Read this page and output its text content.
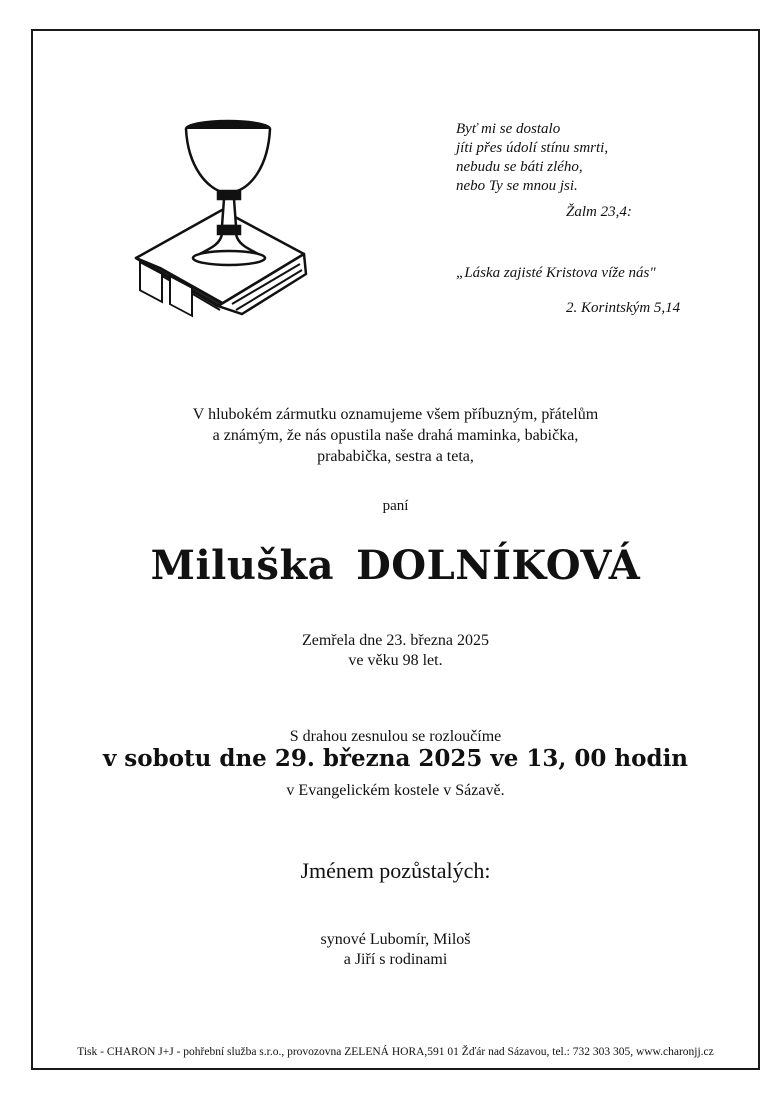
Byť mi se dostalo
jíti přes údolí stínu smrti,
nebudu se báti zlého,
nebo Ty se mnou jsi.
Žalm 23,4:
„Láska zajisté Kristova víže nás"
2. Korintským 5,14
V hlubokém zármutku oznamujeme všem příbuzným, přátelům
a známým, že nás opustila naše drahá maminka, babička,
prababička, sestra a teta,
paní
Miluška DOLNÍKOVÁ
Zemřela dne 23. března 2025
ve věku 98 let.
S drahou zesnulou se rozloučíme
v sobotu dne 29. března 2025 ve 13, 00 hodin
v Evangelickém kostele v Sázavě.
Jménem pozůstalých:
synové Lubomír, Miloš
a Jiří s rodinami
Tisk - CHARON J+J - pohřební služba s.r.o., provozovna ZELENÁ HORA,591 01 Žďár nad Sázavou, tel.: 732 303 305, www.charonjj.cz
